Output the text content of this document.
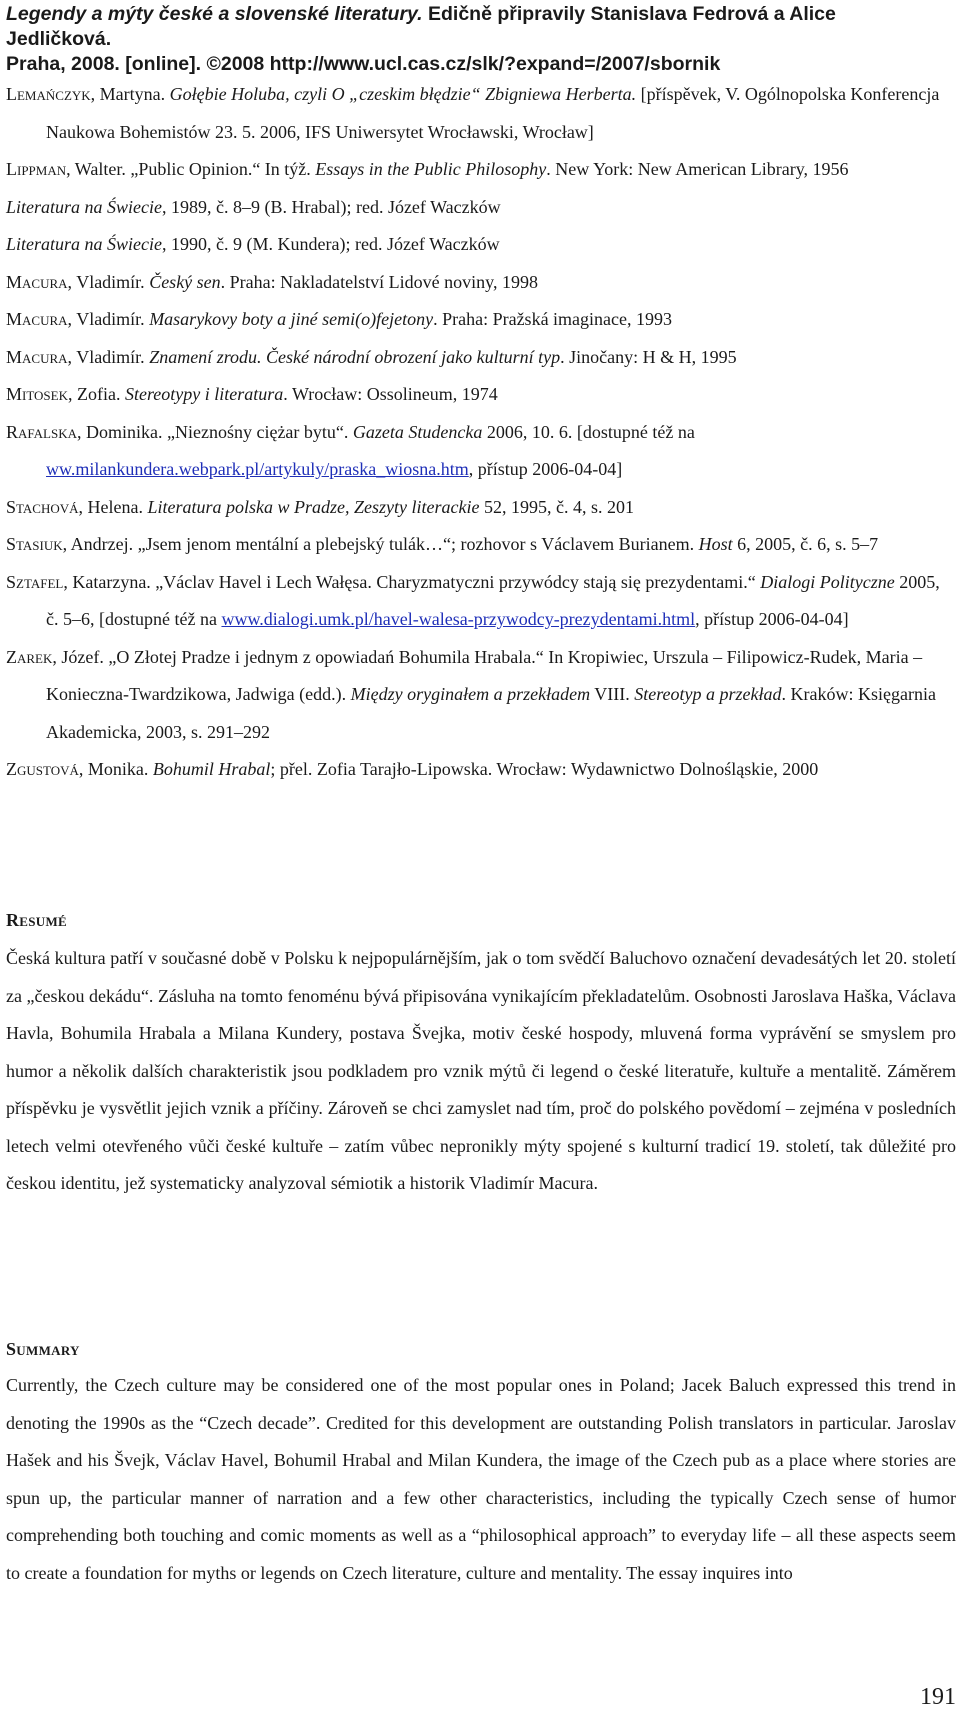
Legendy a mýty české a slovenské literatury. Edičně připravily Stanislava Fedrová a Alice Jedličková.
Praha, 2008. [online]. ©2008 http://www.ucl.cas.cz/slk/?expand=/2007/sbornik
Lemańczyk, Martyna. Gołębie Holuba, czyli O „czeskim błędzie“ Zbigniewa Herberta. [příspěvek, V. Ogólnopolska Konferencja Naukowa Bohemistów 23. 5. 2006, IFS Uniwersytet Wrocławski, Wrocław]
Lippman, Walter. „Public Opinion.“ In týž. Essays in the Public Philosophy. New York: New American Library, 1956
Literatura na Świecie, 1989, č. 8–9 (B. Hrabal); red. Józef Waczków
Literatura na Świecie, 1990, č. 9 (M. Kundera); red. Józef Waczków
Macura, Vladimír. Český sen. Praha: Nakladatelství Lidové noviny, 1998
Macura, Vladimír. Masarykovy boty a jiné semi(o)fejetony. Praha: Pražská imaginace, 1993
Macura, Vladimír. Znamení zrodu. České národní obrození jako kulturní typ. Jinočany: H & H, 1995
Mitosek, Zofia. Stereotypy i literatura. Wrocław: Ossolineum, 1974
Rafalska, Dominika. „Nieznośny ciężar bytu“. Gazeta Studencka 2006, 10. 6. [dostupné též na ww.milankundera.webpark.pl/artykuly/praska_wiosna.htm, přístup 2006-04-04]
Stachová, Helena. Literatura polska w Pradze, Zeszyty literackie 52, 1995, č. 4, s. 201
Stasiuk, Andrzej. „Jsem jenom mentální a plebejský tulák…“; rozhovor s Václavem Burianem. Host 6, 2005, č. 6, s. 5–7
Sztafel, Katarzyna. „Václav Havel i Lech Wałęsa. Charyzmatyczni przywódcy stają się prezydentami.“ Dialogi Polityczne 2005, č. 5–6, [dostupné též na www.dialogi.umk.pl/havel-walesa-przywodcy-prezydentami.html, přístup 2006-04-04]
Zarek, Józef. „O Złotej Pradze i jednym z opowiadań Bohumila Hrabala.“ In Kropiwiec, Urszula – Filipowicz-Rudek, Maria – Konieczna-Twardzikowa, Jadwiga (edd.). Między oryginałem a przekładem VIII. Stereotyp a przekład. Kraków: Księgarnia Akademicka, 2003, s. 291–292
Zgustová, Monika. Bohumil Hrabal; přel. Zofia Tarajło-Lipowska. Wrocław: Wydawnictwo Dolnośląskie, 2000
Resumé
Česká kultura patří v současné době v Polsku k nejpopulárnějším, jak o tom svědčí Baluchovo označení devadesátých let 20. století za „českou dekádu“. Zásluha na tomto fenoménu bývá připisována vynikajícím překladatelům. Osobnosti Jaroslava Haška, Václava Havla, Bohumila Hrabala a Milana Kundery, postava Švejka, motiv české hospody, mluvená forma vyprávění se smyslem pro humor a několik dalších charakteristik jsou podkladem pro vznik mýtů či legend o české literatuře, kultuře a mentalitě. Záměrem příspěvku je vysvětlit jejich vznik a příčiny. Zároveň se chci zamyslet nad tím, proč do polského povědomí – zejména v posledních letech velmi otevřeného vůči české kultuře – zatím vůbec nepronikly mýty spojené s kulturní tradicí 19. století, tak důležité pro českou identitu, jež systematicky analyzoval sémiotik a historik Vladimír Macura.
Summary
Currently, the Czech culture may be considered one of the most popular ones in Poland; Jacek Baluch expressed this trend in denoting the 1990s as the “Czech decade”. Credited for this development are outstanding Polish translators in particular. Jaroslav Hašek and his Švejk, Václav Havel, Bohumil Hrabal and Milan Kundera, the image of the Czech pub as a place where stories are spun up, the particular manner of narration and a few other characteristics, including the typically Czech sense of humor comprehending both touching and comic moments as well as a “philosophical approach” to everyday life – all these aspects seem to create a foundation for myths or legends on Czech literature, culture and mentality. The essay inquires into
191
